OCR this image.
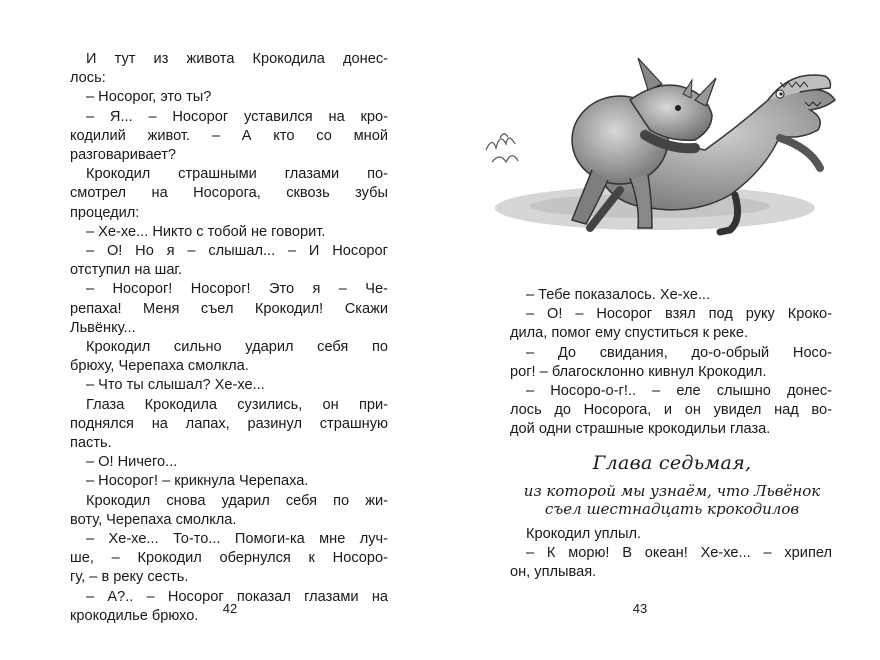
И тут из живота Крокодила донес-
лось:
– Носорог, это ты?
– Я... – Носорог уставился на кро-
кодилий живот. – А кто со мной
разговаривает?
Крокодил страшными глазами по-
смотрел на Носорога, сквозь зубы
процедил:
– Хе-хе... Никто с тобой не говорит.
– О! Но я – слышал... – И Носорог
отступил на шаг.
– Носорог! Носорог! Это я – Че-
репаха! Меня съел Крокодил! Скажи
Львёнку...
Крокодил сильно ударил себя по
брюху, Черепаха смолкла.
– Что ты слышал? Хе-хе...
Глаза Крокодила сузились, он при-
поднялся на лапах, разинул страшную
пасть.
– О! Ничего...
– Носорог! – крикнула Черепаха.
Крокодил снова ударил себя по жи-
воту, Черепаха смолкла.
– Хе-хе... То-то... Помоги-ка мне луч-
ше, – Крокодил обернулся к Носоро-
гу, – в реку сесть.
– А?.. – Носорог показал глазами на
крокодилье брюхо.	42
– Тебе показалось. Хе-хе...
– О! – Носорог взял под руку Кроко-
дила, помог ему спуститься к реке.
– До свидания, до-о-обрый Носо-
рог! – благосклонно кивнул Крокодил.
– Носоро-о-г!.. – еле слышно донес-
лось до Носорога, и он увидел над во-
дой одни страшные крокодильи глаза.
Глава седьмая,
из которой мы узнаём, что Львёнок
съел шестнадцать крокодилов
Крокодил уплыл.
– К морю! В океан! Хе-хе... – хрипел
он, уплывая.
43
